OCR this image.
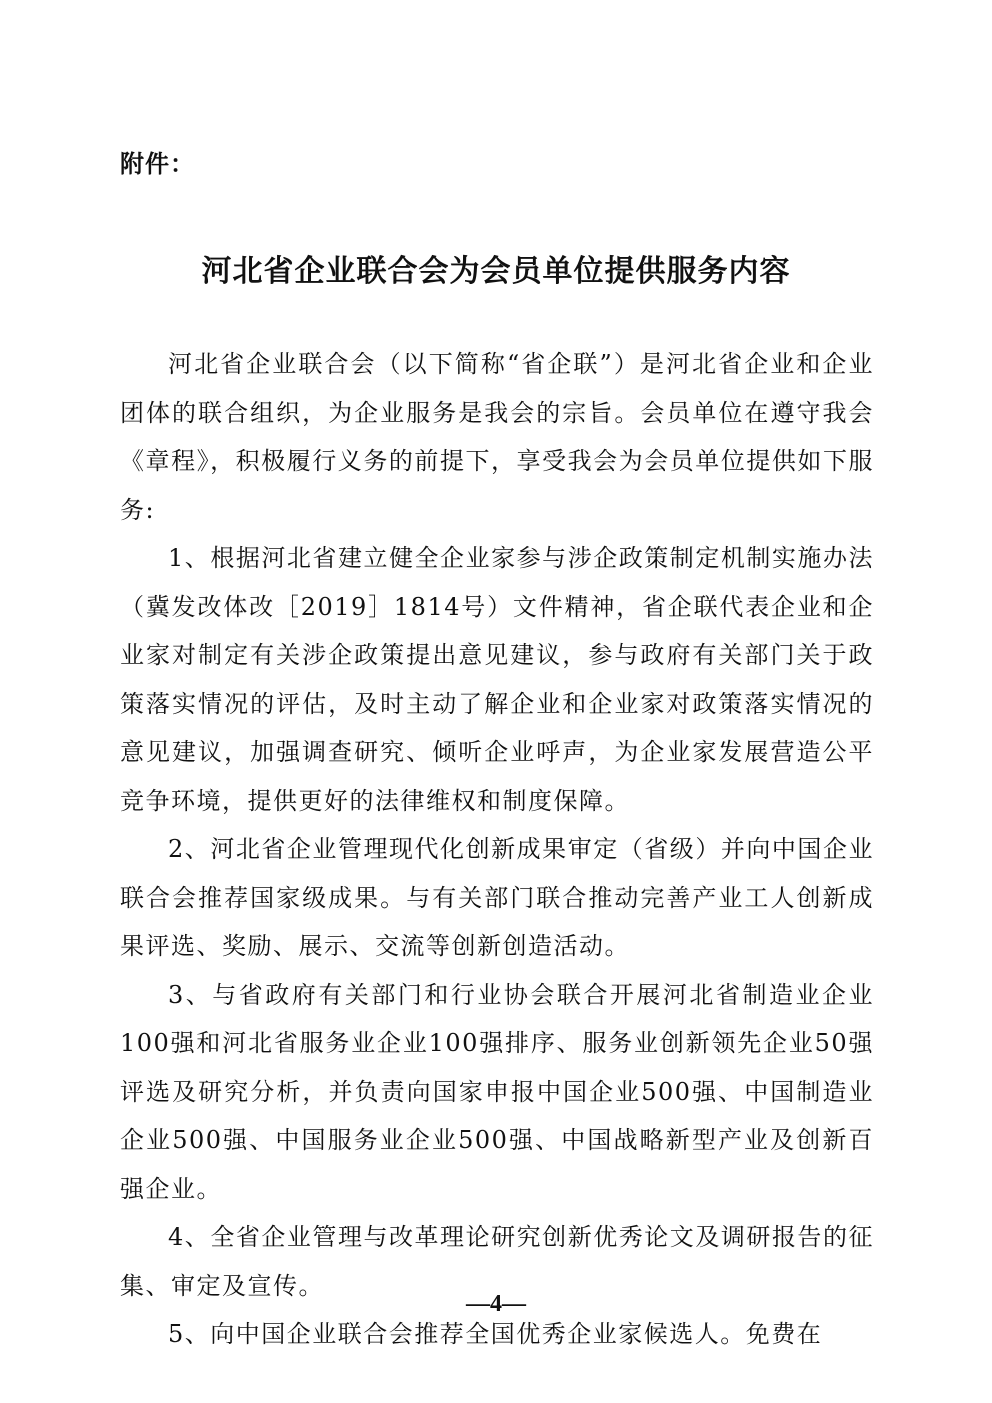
附件：

河北省企业联合会为会员单位提供服务内容

河北省企业联合会（以下简称“省企联”）是河北省企业和企业团体的联合组织，为企业服务是我会的宗旨。会员单位在遵守我会《章程》，积极履行义务的前提下，享受我会为会员单位提供如下服务:

1、根据河北省建立健全企业家参与涉企政策制定机制实施办法（冀发改体改［2019］1814号）文件精神，省企联代表企业和企业家对制定有关涉企政策提出意见建议，参与政府有关部门关于政策落实情况的评估，及时主动了解企业和企业家对政策落实情况的意见建议，加强调查研究、倾听企业呼声，为企业家发展营造公平竞争环境，提供更好的法律维权和制度保障。

2、河北省企业管理现代化创新成果审定（省级）并向中国企业联合会推荐国家级成果。与有关部门联合推动完善产业工人创新成果评选、奖励、展示、交流等创新创造活动。

3、与省政府有关部门和行业协会联合开展河北省制造业企业100强和河北省服务业企业100强排序、服务业创新领先企业50强评选及研究分析，并负责向国家申报中国企业500强、中国制造业企业500强、中国服务业企业500强、中国战略新型产业及创新百强企业。

4、全省企业管理与改革理论研究创新优秀论文及调研报告的征集、审定及宣传。

5、向中国企业联合会推荐全国优秀企业家候选人。免费在

—4—
